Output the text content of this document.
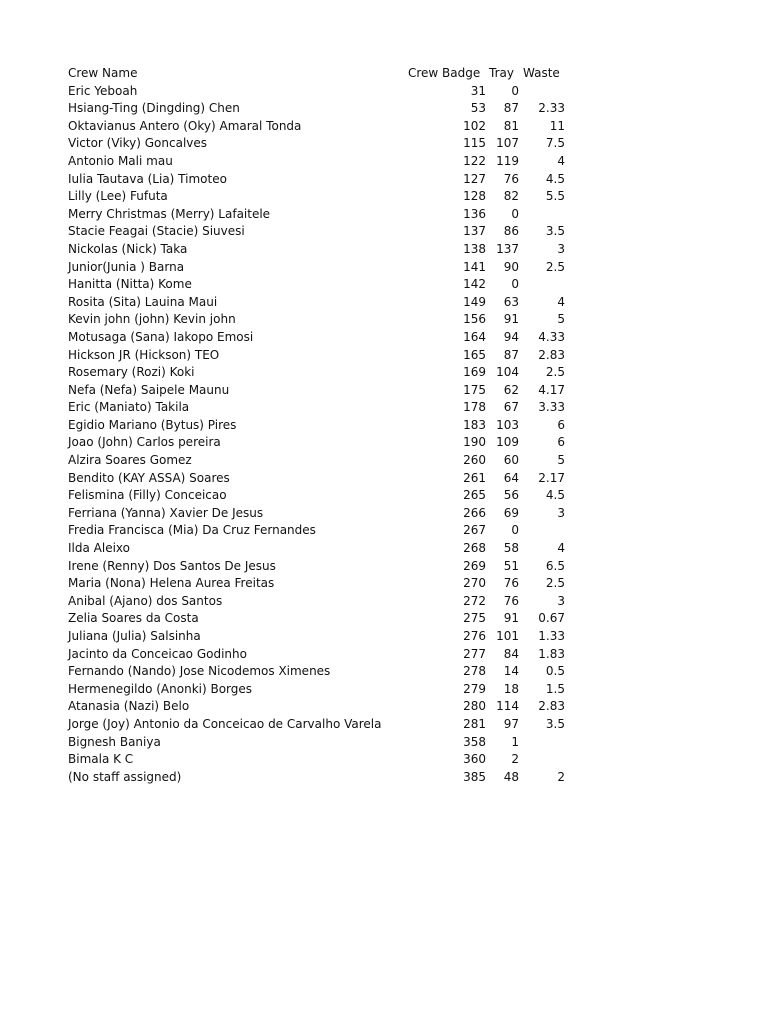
Crew Name	Crew Badge Tray Waste
Eric Yeboah	31	0
Hsiang-Ting (Dingding) Chen	53	87	2.33
Oktavianus Antero (Oky) Amaral Tonda	102	81	11
Victor (Viky) Goncalves	115 107	7.5
Antonio Mali mau	122 119	4
Iulia Tautava (Lia) Timoteo	127	76	4.5
Lilly (Lee) Fufuta	128	82	5.5
Merry Christmas (Merry) Lafaitele	136	0
Stacie Feagai (Stacie) Siuvesi	137	86	3.5
Nickolas (Nick) Taka	138 137	3
Junior(Junia ) Barna	141	90	2.5
Hanitta (Nitta) Kome	142	0
Rosita (Sita) Lauina Maui	149	63	4
Kevin john (john) Kevin john	156	91	5
Motusaga (Sana) Iakopo Emosi	164	94	4.33
Hickson JR (Hickson) TEO	165	87	2.83
Rosemary (Rozi) Koki	169 104	2.5
Nefa (Nefa) Saipele Maunu	175	62	4.17
Eric (Maniato) Takila	178	67	3.33
Egidio Mariano (Bytus) Pires	183 103	6
Joao (John) Carlos pereira	190 109	6
Alzira Soares Gomez	260	60	5
Bendito (KAY ASSA) Soares	261	64	2.17
Felismina (Filly) Conceicao	265	56	4.5
Ferriana (Yanna) Xavier De Jesus	266	69	3
Fredia Francisca (Mia) Da Cruz Fernandes	267	0
Ilda Aleixo	268	58	4
Irene (Renny) Dos Santos De Jesus	269	51	6.5
Maria (Nona) Helena Aurea Freitas	270	76	2.5
Anibal (Ajano) dos Santos	272	76	3
Zelia Soares da Costa	275	91	0.67
Juliana (Julia) Salsinha	276 101	1.33
Jacinto da Conceicao Godinho	277	84	1.83
Fernando (Nando) Jose Nicodemos Ximenes	278	14	0.5
Hermenegildo (Anonki) Borges	279	18	1.5
Atanasia (Nazi) Belo	280 114	2.83
Jorge (Joy) Antonio da Conceicao de Carvalho Varela	281	97	3.5
Bignesh Baniya	358	1
Bimala K C	360	2
(No staff assigned)	385	48	2
